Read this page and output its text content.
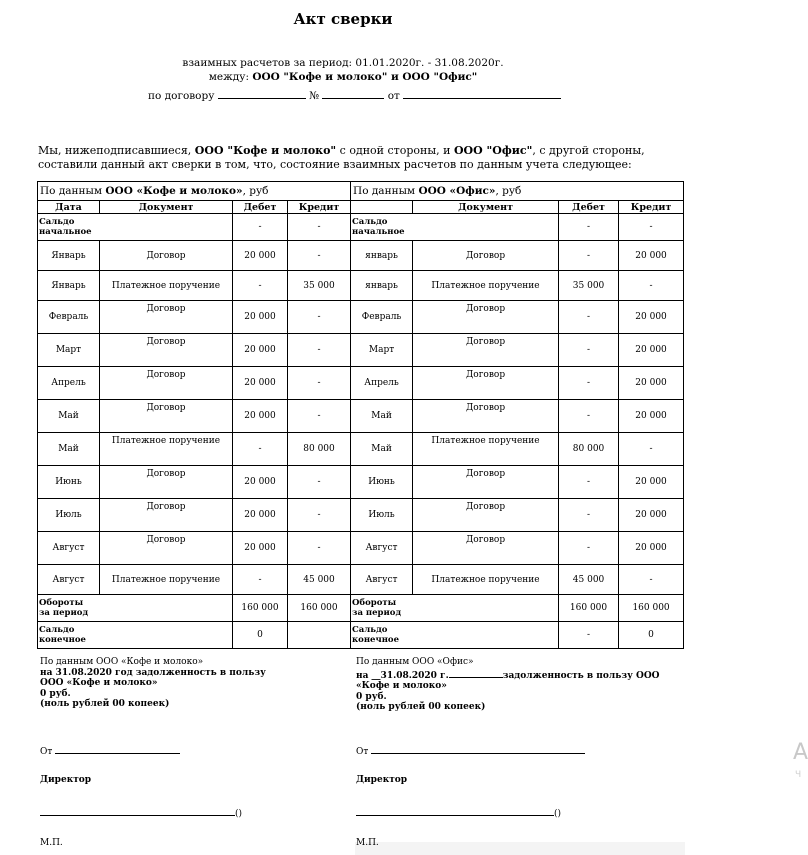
Акт сверки
взаимных расчетов за период: 01.01.2020г. - 31.08.2020г.
между: ООО "Кофе и молоко" и ООО "Офис"
по договору	№	от
Мы, нижеподписавшиеся, ООО "Кофе и молоко" с одной стороны, и ООО "Офис", с другой стороны, составили данный акт сверки в том, что, состояние взаимных расчетов по данным учета следующее:
По данным ООО «Кофе и молоко», руб				По данным ООО «Офис», руб			
Дата	Документ	Дебет	Кредит		Документ	Дебет	Кредит
Сальдо начальное		-	-	Сальдо начальное		-	-
Январь	Договор	20 000	-	январь	Договор	-	20 000
Январь	Платежное поручение	-	35 000	январь	Платежное поручение	35 000	-
Февраль	Договор	20 000	-	Февраль	Договор	-	20 000
Март	Договор	20 000	-	Март	Договор	-	20 000
Апрель	Договор	20 000	-	Апрель	Договор	-	20 000
Май	Договор	20 000	-	Май	Договор	-	20 000
Май	Платежное поручение	-	80 000	Май	Платежное поручение	80 000	-
Июнь	Договор	20 000	-	Июнь	Договор	-	20 000
Июль	Договор	20 000	-	Июль	Договор	-	20 000
Август	Договор	20 000	-	Август	Договор	-	20 000
Август	Платежное поручение	-	45 000	Август	Платежное поручение	45 000	-
Обороты за период		160 000	160 000	Обороты за период		160 000	160 000
Сальдо конечное		0		Сальдо конечное		-	0
По данным ООО «Кофе и молоко»
на 31.08.2020 год задолженность в пользу
ООО «Кофе и молоко»
0 руб.
(ноль рублей 00 копеек)
По данным ООО «Офис»
на __31.08.2020 г.	задолженность в пользу ООО
«Кофе и молоко»
0 руб.
(ноль рублей 00 копеек)
От	От
Директор	Директор
()	()
М.П.	М.П.
А
Ч
